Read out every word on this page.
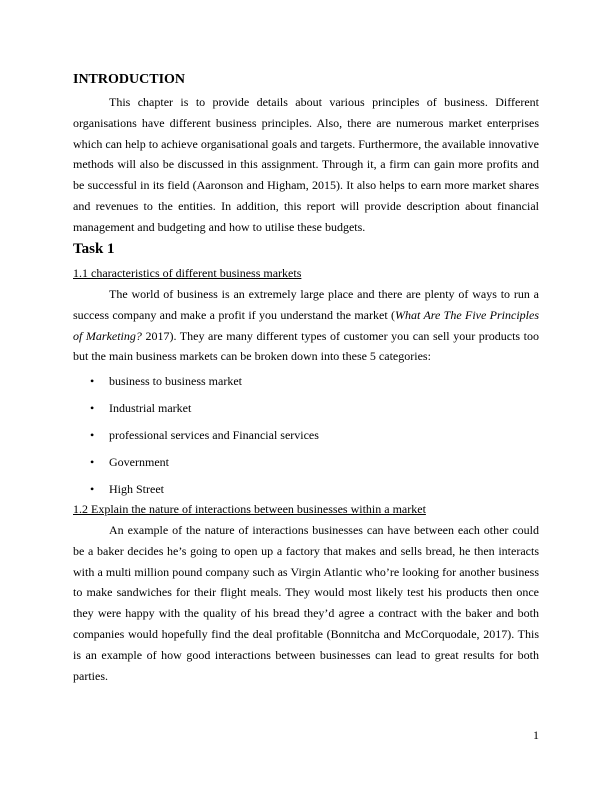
INTRODUCTION

This chapter is to provide details about various principles of business. Different organisations have different business principles. Also, there are numerous market enterprises which can help to achieve organisational goals and targets. Furthermore, the available innovative methods will also be discussed in this assignment. Through it, a firm can gain more profits and be successful in its field (Aaronson and Higham, 2015). It also helps to earn more market shares and revenues to the entities. In addition, this report will provide description about financial management and budgeting and how to utilise these budgets.

Task 1
1.1 characteristics of different business markets

The world of business is an extremely large place and there are plenty of ways to run a success company and make a profit if you understand the market (What Are The Five Principles of Marketing? 2017). They are many different types of customer you can sell your products too but the main business markets can be broken down into these 5 categories:

• business to business market
• Industrial market
• professional services and Financial services
• Government
• High Street
1.2 Explain the nature of interactions between businesses within a market

An example of the nature of interactions businesses can have between each other could be a baker decides he’s going to open up a factory that makes and sells bread, he then interacts with a multi million pound company such as Virgin Atlantic who’re looking for another business to make sandwiches for their flight meals. They would most likely test his products then once they were happy with the quality of his bread they’d agree a contract with the baker and both companies would hopefully find the deal profitable (Bonnitcha and McCorquodale, 2017). This is an example of how good interactions between businesses can lead to great results for both parties.

1
